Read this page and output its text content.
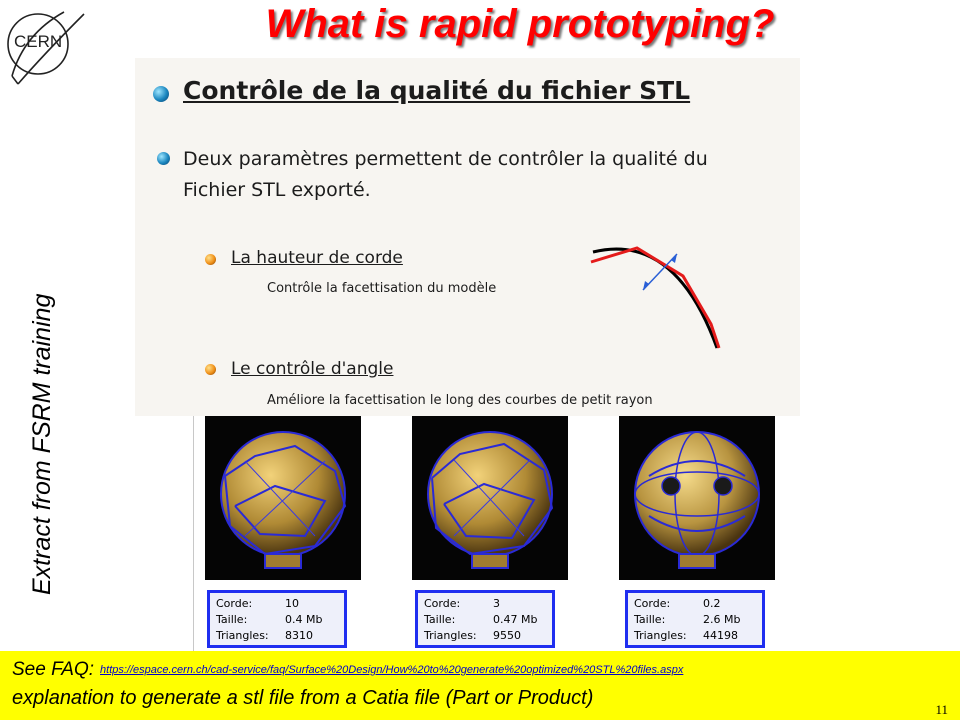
CERN	What is rapid prototyping?
Extract from FSRM training
Contrôle de la qualité du fichier STL
Deux paramètres permettent de contrôler la qualité du
Fichier STL exporté.
La hauteur de corde
Contrôle la facettisation du modèle
Le contrôle d'angle
Améliore la facettisation le long des courbes de petit rayon
Corde:	10
Taille:	0.4 Mb
Triangles: 8310
Corde:	3
Taille:	0.47 Mb
Triangles: 9550
Corde:	0.2
Taille:	2.6 Mb
Triangles: 44198
See FAQ: https://espace.cern.ch/cad-service/faq/Surface%20Design/How%20to%20generate%20optimized%20STL%20files.aspx
explanation to generate a stl file from a Catia file (Part or Product)
11
